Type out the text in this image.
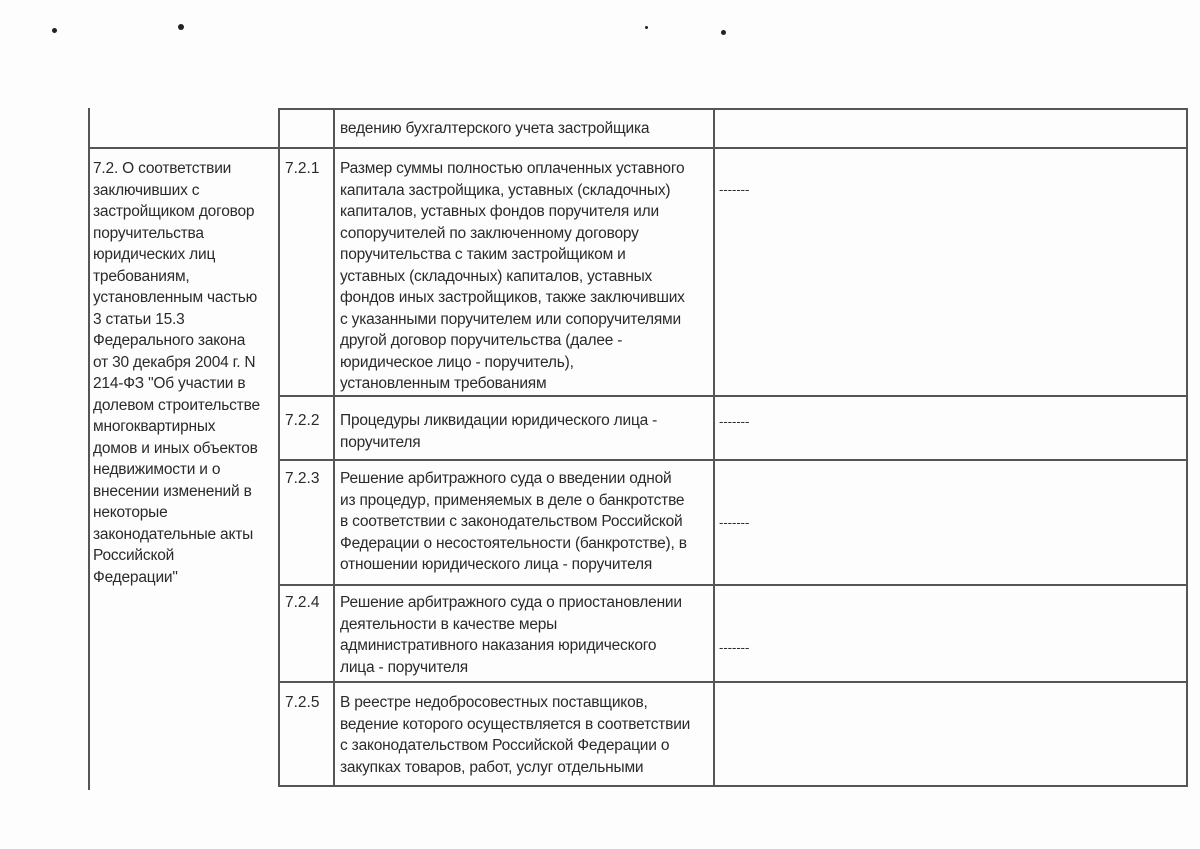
ведению бухгалтерского учета застройщика
7.2. О соответствии
заключивших с
застройщиком договор
поручительства
юридических лиц
требованиям,
установленным частью
3 статьи 15.3
Федерального закона
от 30 декабря 2004 г. N
214-ФЗ "Об участии в
долевом строительстве
многоквартирных
домов и иных объектов
недвижимости и о
внесении изменений в
некоторые
законодательные акты
Российской
Федерации"
7.2.1 Размер суммы полностью оплаченных уставного
капитала застройщика, уставных (складочных)
капиталов, уставных фондов поручителя или
сопоручителей по заключенному договору
поручительства с таким застройщиком и
уставных (складочных) капиталов, уставных
фондов иных застройщиков, также заключивших
с указанными поручителем или сопоручителями
другой договор поручительства (далее -
юридическое лицо - поручитель),
установленным требованиям
-------
7.2.2 Процедуры ликвидации юридического лица -
поручителя
-------
7.2.3 Решение арбитражного суда о введении одной
из процедур, применяемых в деле о банкротстве
в соответствии с законодательством Российской
Федерации о несостоятельности (банкротстве), в
отношении юридического лица - поручителя
-------
7.2.4 Решение арбитражного суда о приостановлении
деятельности в качестве меры
административного наказания юридического
лица - поручителя
-------
7.2.5 В реестре недобросовестных поставщиков,
ведение которого осуществляется в соответствии
с законодательством Российской Федерации о
закупках товаров, работ, услуг отдельными
